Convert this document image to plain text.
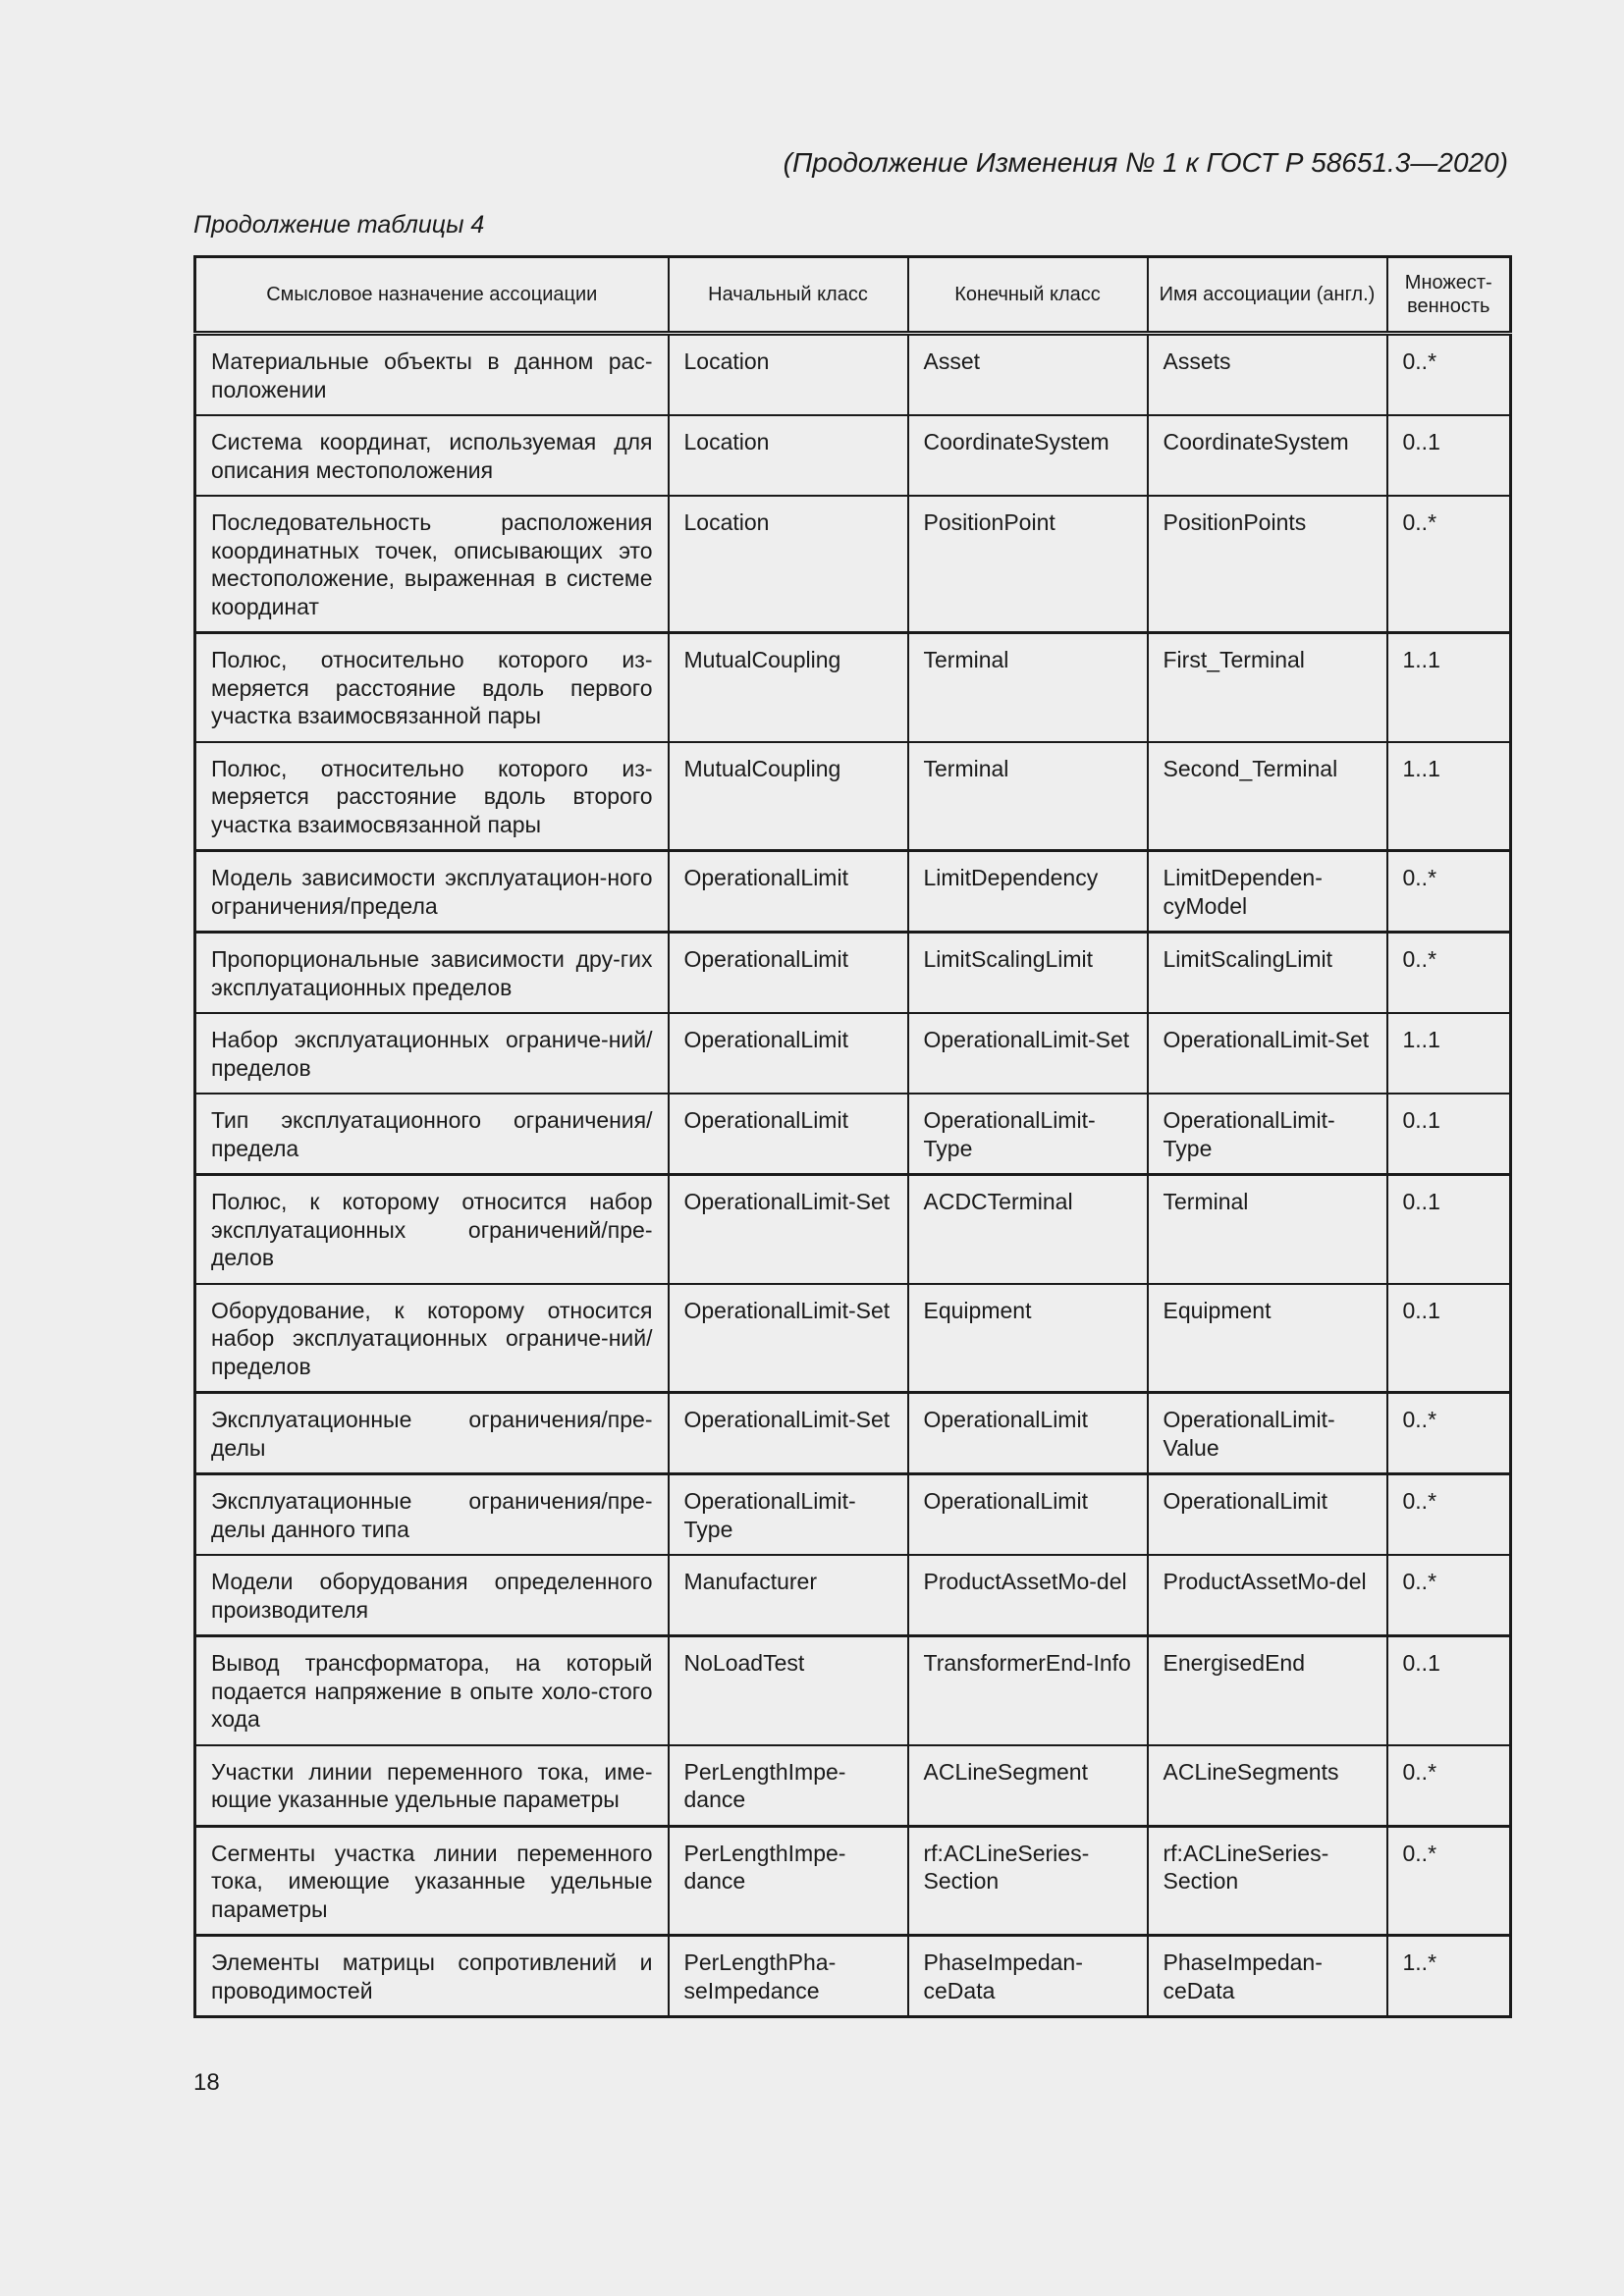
(Продолжение Изменения № 1 к ГОСТ Р 58651.3—2020)
Продолжение таблицы 4
Смысловое назначение ассоциации	Начальный класс	Конечный класс	Имя ассоциации (англ.)	Множест-венность
Материальные объекты в данном рас-положении	Location	Asset	Assets	0..*
Система координат, используемая для описания местоположения	Location	CoordinateSystem	CoordinateSystem	0..1
Последовательность расположения координатных точек, описывающих это местоположение, выраженная в системе координат	Location	PositionPoint	PositionPoints	0..*
Полюс, относительно которого из-меряется расстояние вдоль первого участка взаимосвязанной пары	MutualCoupling	Terminal	First_Terminal	1..1
Полюс, относительно которого из-меряется расстояние вдоль второго участка взаимосвязанной пары	MutualCoupling	Terminal	Second_Terminal	1..1
Модель зависимости эксплуатацион-ного ограничения/предела	OperationalLimit	LimitDependency	LimitDependen-cyModel	0..*
Пропорциональные зависимости дру-гих эксплуатационных пределов	OperationalLimit	LimitScalingLimit	LimitScalingLimit	0..*
Набор эксплуатационных ограниче-ний/пределов	OperationalLimit	OperationalLimit-Set	OperationalLimit-Set	1..1
Тип эксплуатационного ограничения/ предела	OperationalLimit	OperationalLimit-Type	OperationalLimit-Type	0..1
Полюс, к которому относится набор эксплуатационных ограничений/пре-делов	OperationalLimit-Set	ACDCTerminal	Terminal	0..1
Оборудование, к которому относится набор эксплуатационных ограниче-ний/пределов	OperationalLimit-Set	Equipment	Equipment	0..1
Эксплуатационные ограничения/пре-делы	OperationalLimit-Set	OperationalLimit	OperationalLimit-Value	0..*
Эксплуатационные ограничения/пре-делы данного типа	OperationalLimit-Type	OperationalLimit	OperationalLimit	0..*
Модели оборудования определенного производителя	Manufacturer	ProductAssetMo-del	ProductAssetMo-del	0..*
Вывод трансформатора, на который подается напряжение в опыте холо-стого хода	NoLoadTest	TransformerEnd-Info	EnergisedEnd	0..1
Участки линии переменного тока, име-ющие указанные удельные параметры	PerLengthImpe-dance	ACLineSegment	ACLineSegments	0..*
Сегменты участка линии переменного тока, имеющие указанные удельные параметры	PerLengthImpe-dance	rf:ACLineSeries-Section	rf:ACLineSeries-Section	0..*
Элементы матрицы сопротивлений и проводимостей	PerLengthPha-seImpedance	PhaseImpedan-ceData	PhaseImpedan-ceData	1..*
18
